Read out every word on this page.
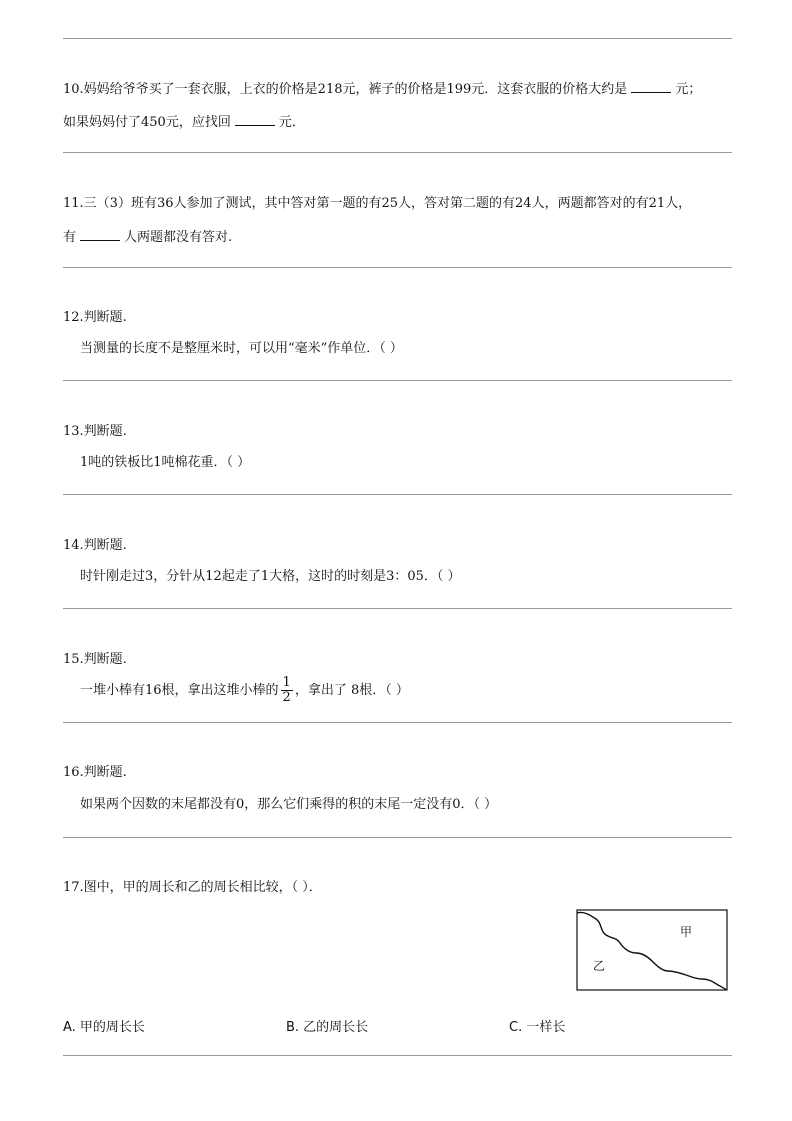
10.妈妈给爷爷买了一套衣服，上衣的价格是218元，裤子的价格是199元．这套衣服的价格大约是	元；
如果妈妈付了450元，应找回	元．
11.三（3）班有36人参加了测试，其中答对第一题的有25人，答对第二题的有24人，两题都答对的有21人，
有	人两题都没有答对.
12.判断题.
当测量的长度不是整厘米时，可以用“毫米”作单位．（ ）
13.判断题.
1吨的铁板比1吨棉花重．（ ）
14.判断题.
时针刚走过3，分针从12起走了1大格，这时的时刻是3：05．（ ）
15.判断题.
一堆小棒有16根，拿出这堆小棒的 $\frac{1}{2}$ ，拿出了 8根．（ ）
16.判断题.
如果两个因数的末尾都没有0，那么它们乘得的积的末尾一定没有0．（ ）
17.图中，甲的周长和乙的周长相比较，（ ）．
甲
乙
A. 甲的周长长	B. 乙的周长长	C. 一样长
